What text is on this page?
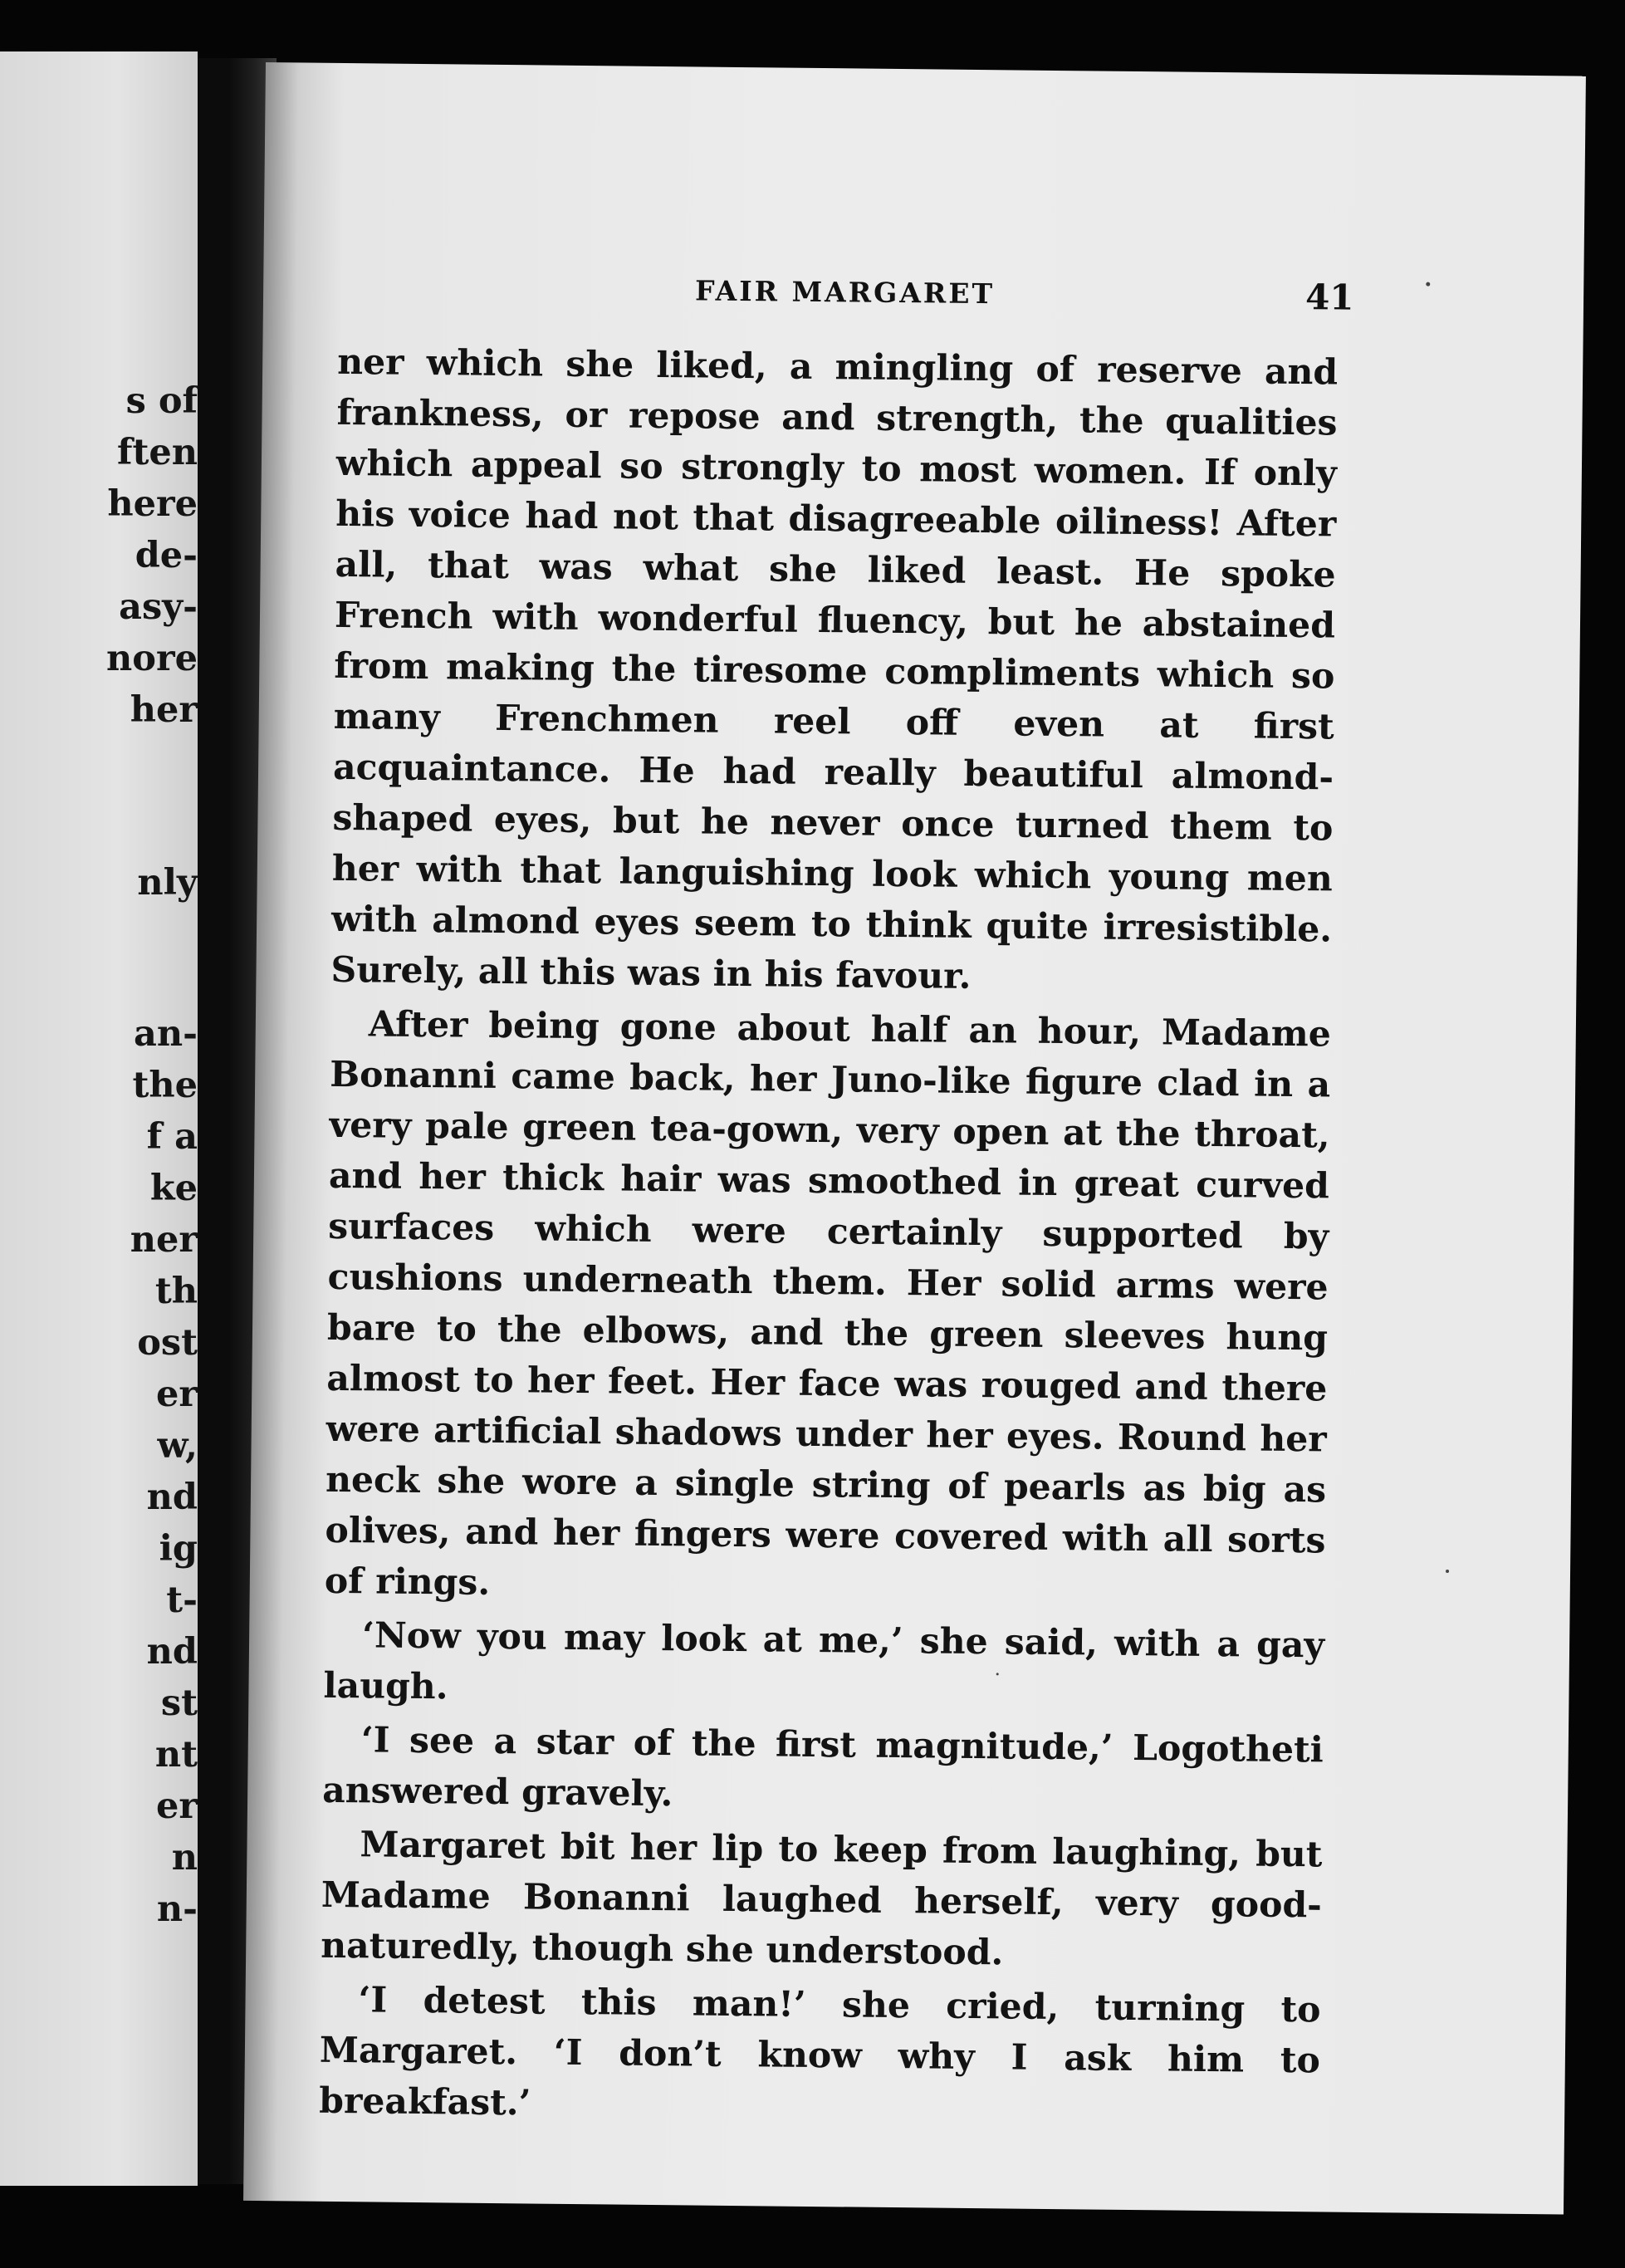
s of
ften
here
de-
asy-
nore
her
nly
an-
the
f a
ke
ner
th
ost
er
w,
nd
ig
t-
nd
st
nt
er
n
n-
FAIR MARGARET	41

ner which she liked, a mingling of reserve and frankness, or repose and strength, the qualities which appeal so strongly to most women. If only his voice had not that disagreeable oiliness! After all, that was what she liked least. He spoke French with wonderful fluency, but he abstained from making the tiresome compliments which so many Frenchmen reel off even at first acquaintance. He had really beautiful almond-shaped eyes, but he never once turned them to her with that languishing look which young men with almond eyes seem to think quite irresistible. Surely, all this was in his favour.

After being gone about half an hour, Madame Bonanni came back, her Juno-like figure clad in a very pale green tea-gown, very open at the throat, and her thick hair was smoothed in great curved surfaces which were certainly supported by cushions underneath them. Her solid arms were bare to the elbows, and the green sleeves hung almost to her feet. Her face was rouged and there were artificial shadows under her eyes. Round her neck she wore a single string of pearls as big as olives, and her fingers were covered with all sorts of rings.

‘Now you may look at me,’ she said, with a gay laugh.

‘I see a star of the first magnitude,’ Logotheti answered gravely.

Margaret bit her lip to keep from laughing, but Madame Bonanni laughed herself, very good-naturedly, though she understood.

‘I detest this man!’ she cried, turning to Margaret. ‘I don’t know why I ask him to breakfast.’
